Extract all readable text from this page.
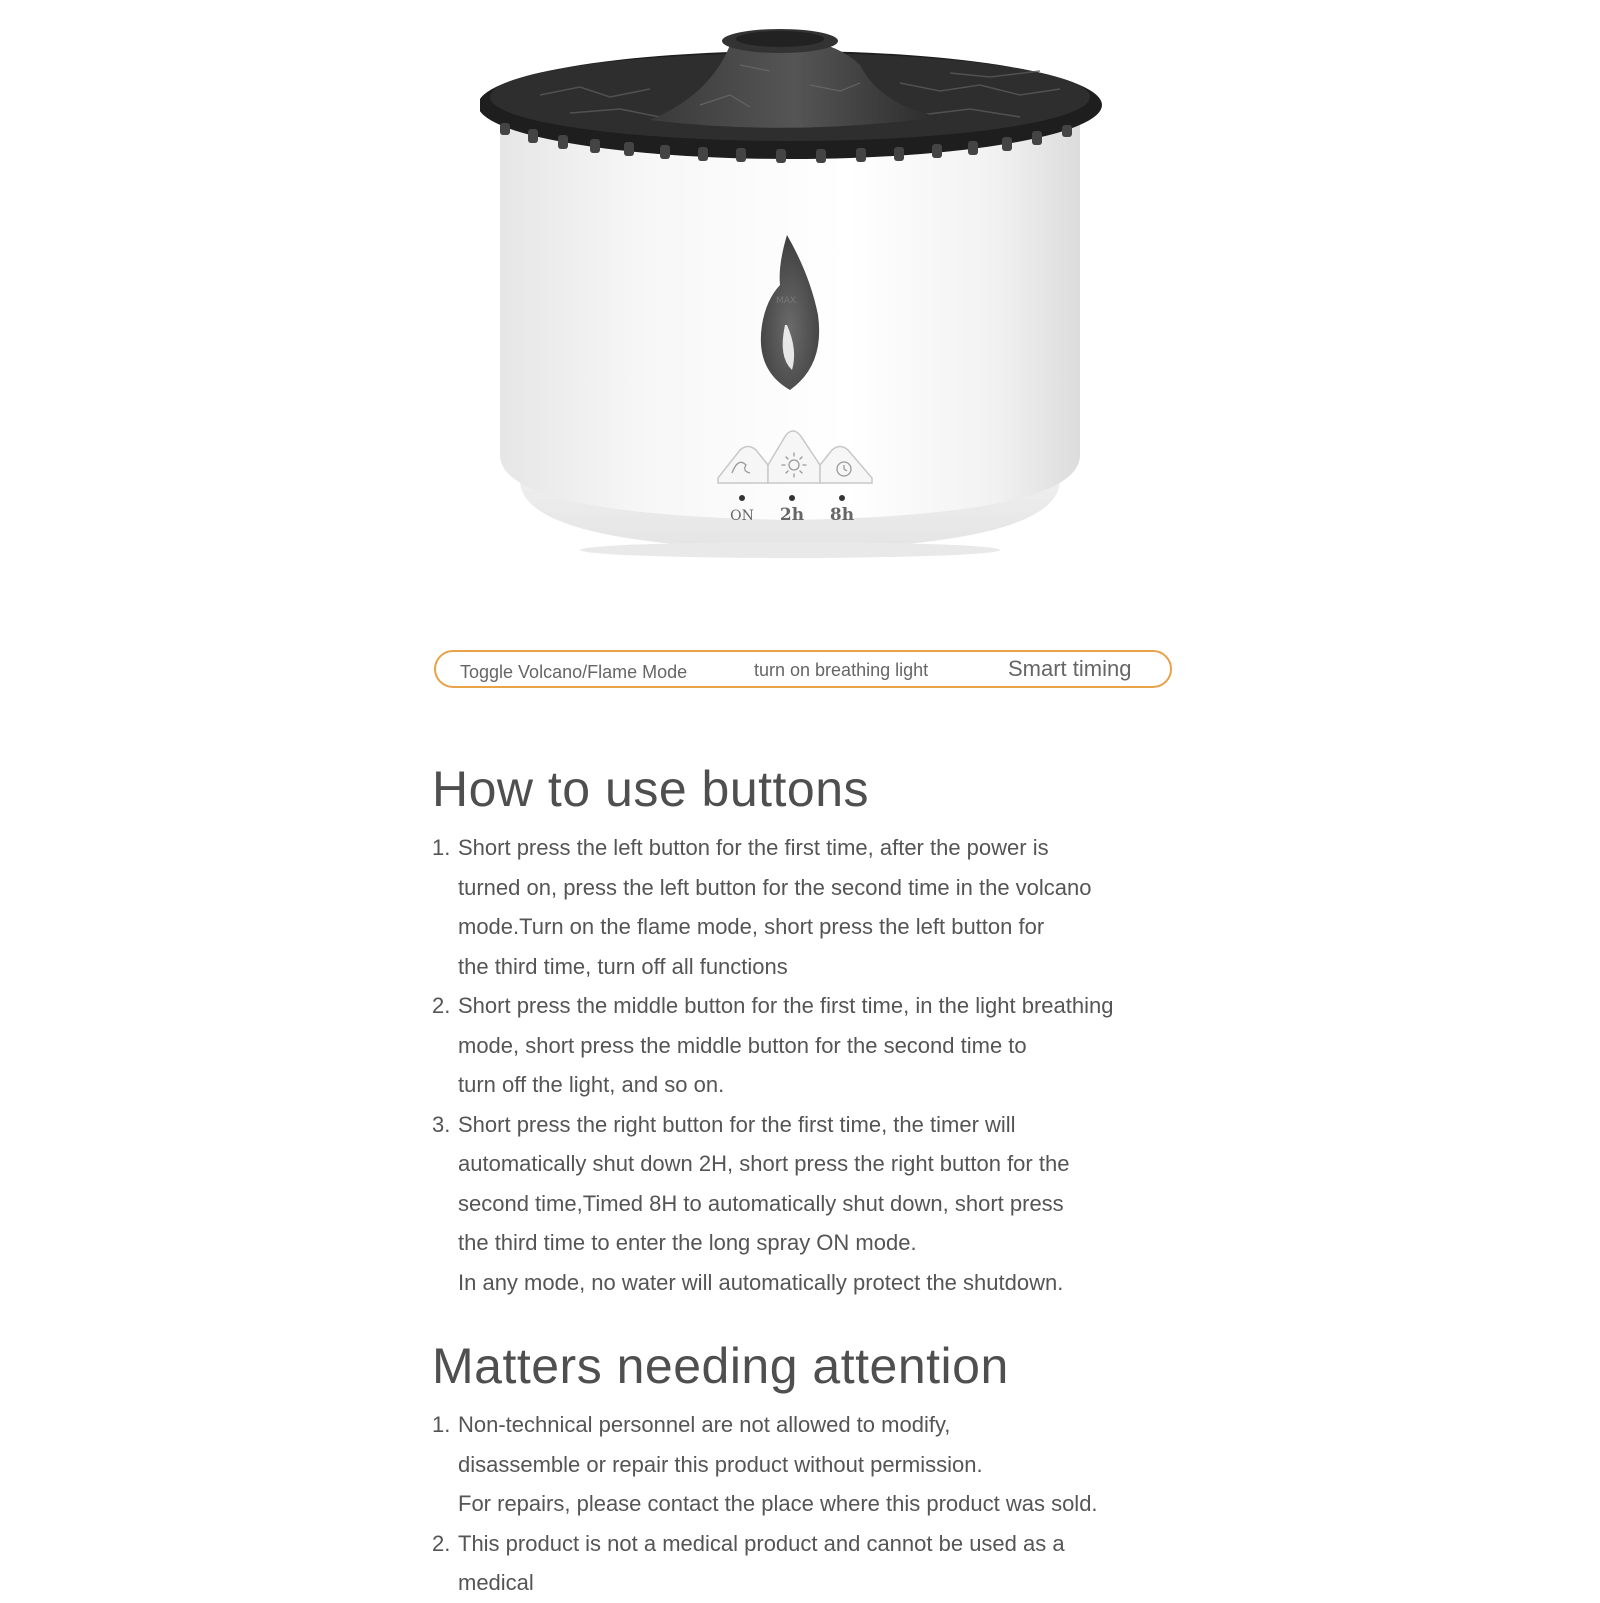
MAX
ON 2h 8h
Toggle Volcano/Flame Mode	turn on breathing light	Smart timing
How to use buttons
1. Short press the left button for the first time, after the power is
turned on, press the left button for the second time in the volcano
mode.Turn on the flame mode, short press the left button for
the third time, turn off all functions
2. Short press the middle button for the first time, in the light breathing
mode, short press the middle button for the second time to
turn off the light, and so on.
3. Short press the right button for the first time, the timer will
automatically shut down 2H, short press the right button for the
second time,Timed 8H to automatically shut down, short press
the third time to enter the long spray ON mode.
In any mode, no water will automatically protect the shutdown.
Matters needing attention
1. Non-technical personnel are not allowed to modify,
disassemble or repair this product without permission.
For repairs, please contact the place where this product was sold.
2. This product is not a medical product and cannot be used as a
medical
